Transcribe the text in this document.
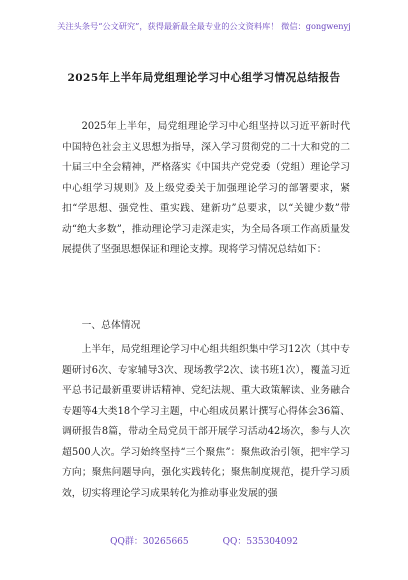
关注头条号“公文研究”，获得最新最全最专业的公文资料库！ 微信：gongwenyj
2025年上半年局党组理论学习中心组学习情况总结报告

2025年上半年，局党组理论学习中心组坚持以习近平新时代中国特色社会主义思想为指导，深入学习贯彻党的二十大和党的二十届三中全会精神，严格落实《中国共产党党委（党组）理论学习中心组学习规则》及上级党委关于加强理论学习的部署要求，紧扣“学思想、强党性、重实践、建新功”总要求，以“关键少数”带动“绝大多数”，推动理论学习走深走实，为全局各项工作高质量发展提供了坚强思想保证和理论支撑。现将学习情况总结如下：

一、总体情况

上半年，局党组理论学习中心组共组织集中学习12次（其中专题研讨6次、专家辅导3次、现场教学2次、读书班1次），覆盖习近平总书记最新重要讲话精神、党纪法规、重大政策解读、业务融合专题等4大类18个学习主题，中心组成员累计撰写心得体会36篇、调研报告8篇，带动全局党员干部开展学习活动42场次，参与人次超500人次。学习始终坚持“三个聚焦”：聚焦政治引领，把牢学习方向；聚焦问题导向，强化实践转化；聚焦制度规范，提升学习质效，切实将理论学习成果转化为推动事业发展的强

QQ群：30265665	QQ：535304092
